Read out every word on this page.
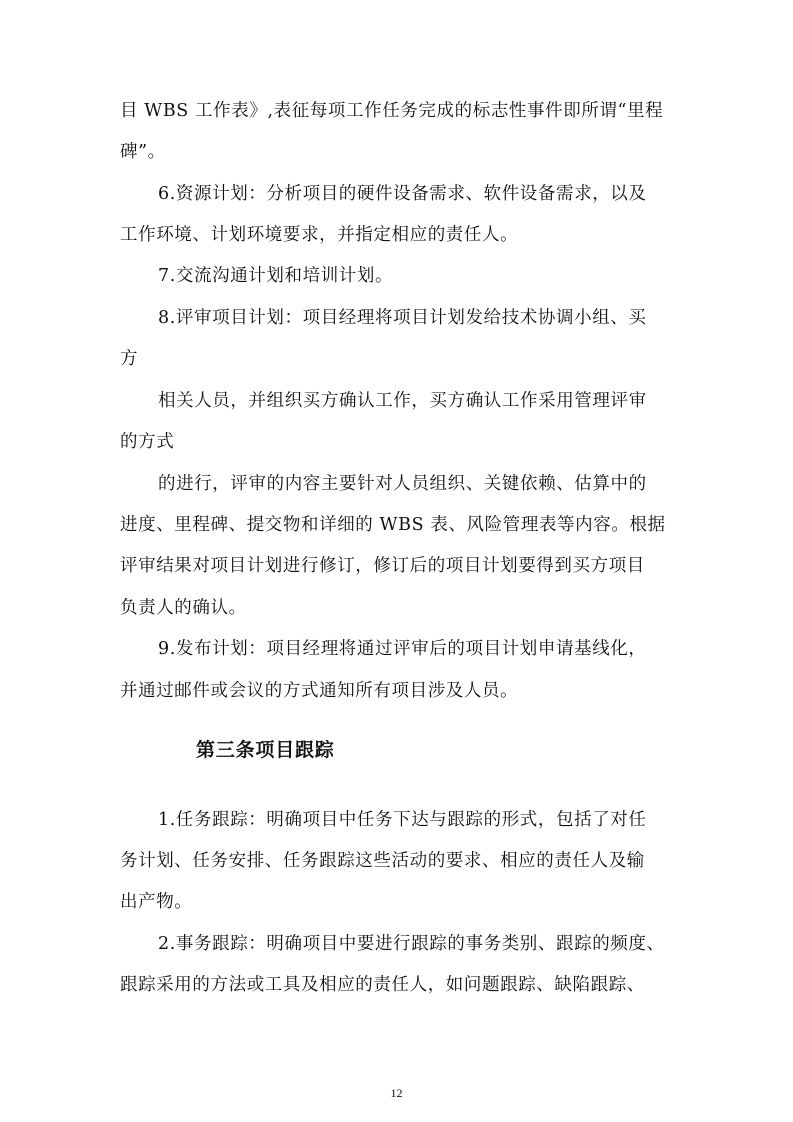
目 WBS 工作表》,表征每项工作任务完成的标志性事件即所谓“里程
碑”。
6.资源计划：分析项目的硬件设备需求、软件设备需求，以及
工作环境、计划环境要求，并指定相应的责任人。
7.交流沟通计划和培训计划。
8.评审项目计划：项目经理将项目计划发给技术协调小组、买
方
相关人员，并组织买方确认工作，买方确认工作采用管理评审
的方式
的进行，评审的内容主要针对人员组织、关键依赖、估算中的
进度、里程碑、提交物和详细的 WBS 表、风险管理表等内容。根据
评审结果对项目计划进行修订，修订后的项目计划要得到买方项目
负责人的确认。
9.发布计划：项目经理将通过评审后的项目计划申请基线化，
并通过邮件或会议的方式通知所有项目涉及人员。
第三条项目跟踪
1.任务跟踪：明确项目中任务下达与跟踪的形式，包括了对任
务计划、任务安排、任务跟踪这些活动的要求、相应的责任人及输
出产物。
2.事务跟踪：明确项目中要进行跟踪的事务类别、跟踪的频度、
跟踪采用的方法或工具及相应的责任人，如问题跟踪、缺陷跟踪、
12
